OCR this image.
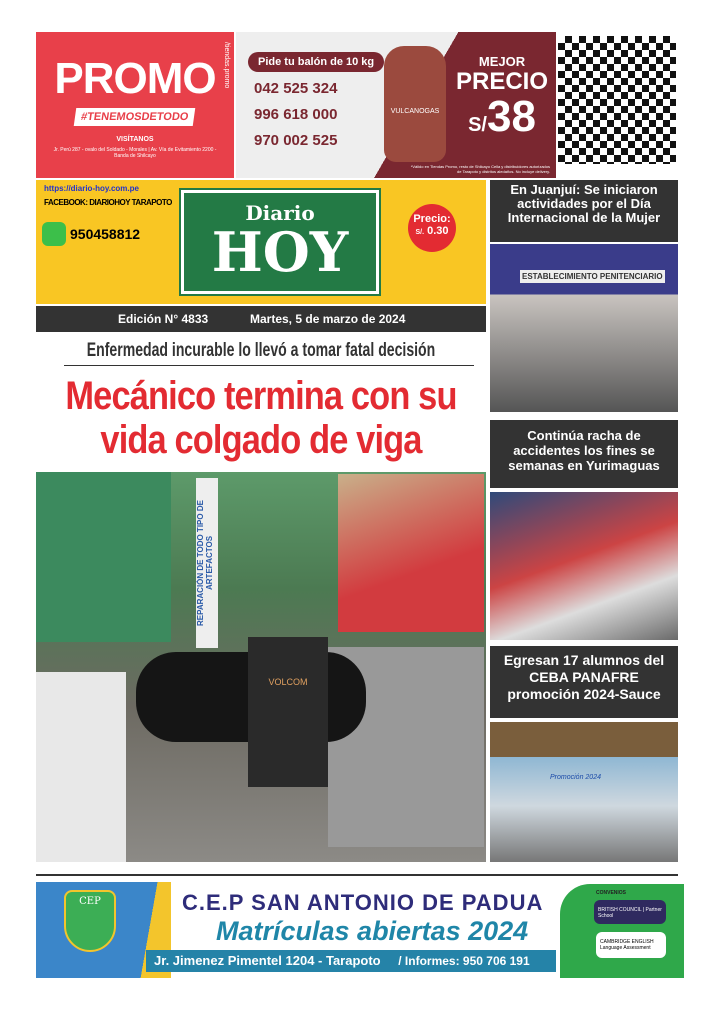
PROMO
#TENEMOSDETODO
VISÍTANOS
Jr. Perú 287 - ovalo del Soldado - Morales | Av. Vía de Evitamiento 2200 - Banda de Shilcayo
/tiendas.promo	Pide tu balón de 10 kg
042 525 324
996 618 000
970 002 525
VULCANOGAS
MEJOR
PRECIO
S/38
*Válido en Tiendas Promo, resto de Shilcayo Cella y distribuidores autorizados de Tarapoto y distritos aledaños. No incluye delivery.
https://diario-hoy.com.pe
FACEBOOK: DIARIOHOY TARAPOTO
950458812
Diario
HOY
Precio:
S/. 0.30
Edición N° 4833	Martes, 5 de marzo de 2024
Enfermedad incurable lo llevó a tomar fatal decisión
Mecánico termina con su vida colgado de viga
REPARACIÓN DE TODO TIPO DE ARTEFACTOS
VOLCOM
En Juanjuí: Se iniciaron actividades por el Día Internacional de la Mujer
ESTABLECIMIENTO PENITENCIARIO
Continúa racha de accidentes los fines se semanas en Yurimaguas
Egresan 17 alumnos del CEBA PANAFRE promoción 2024-Sauce
Promoción 2024
CEP	C.E.P SAN ANTONIO DE PADUA
Matrículas abiertas 2024
Jr. Jimenez Pimentel 1204 - Tarapoto / Informes: 950 706 191
CONVENIOS
BRITISH COUNCIL | Partner School
CAMBRIDGE ENGLISH Language Assessment
